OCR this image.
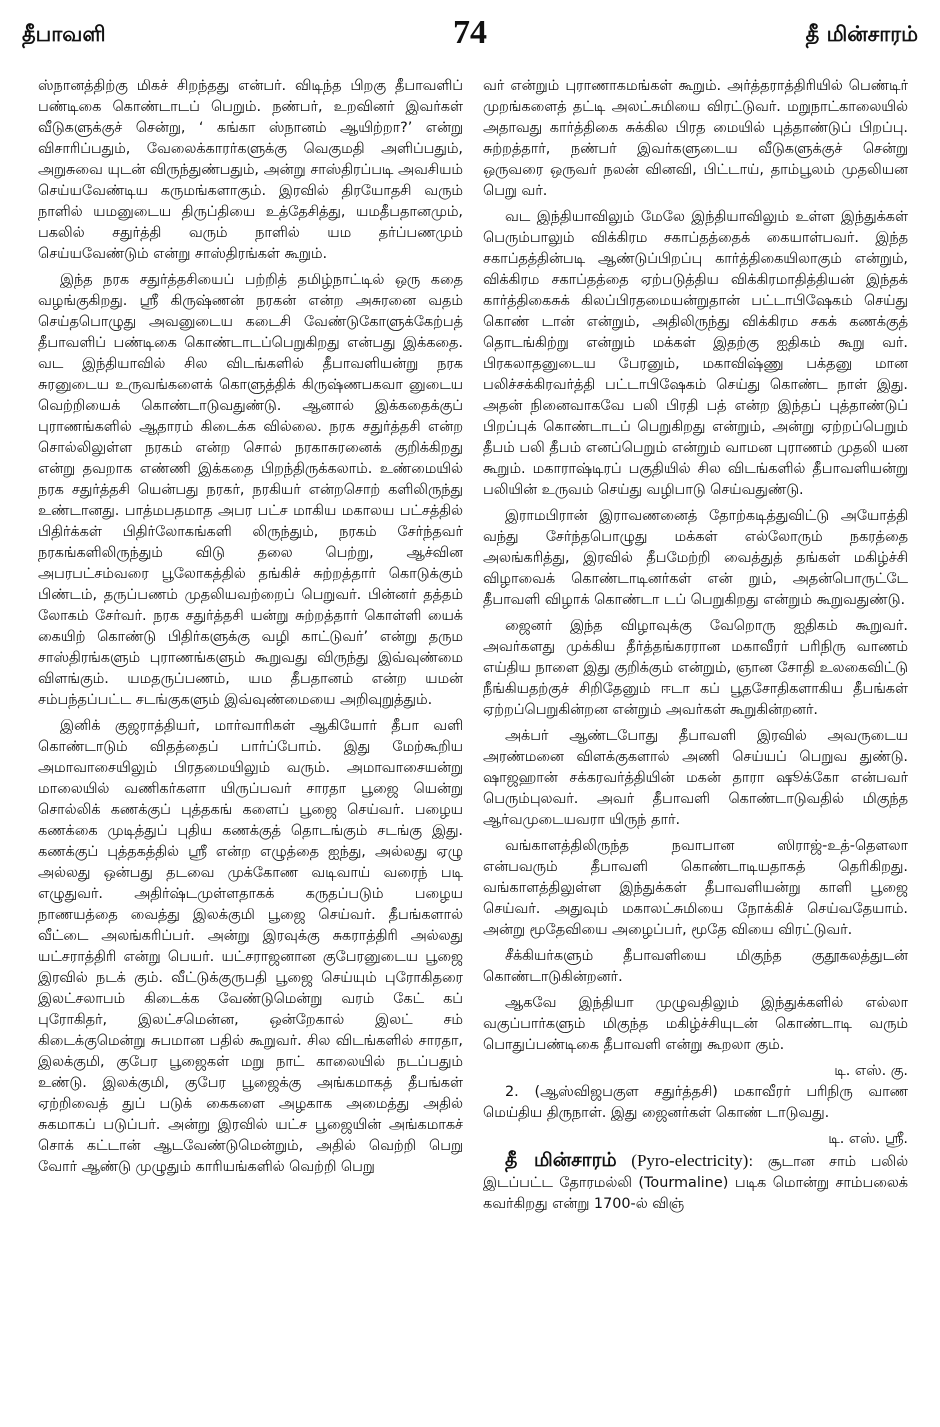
தீபாவளி	74	தீ மின்சாரம்

ஸ்நானத்திற்கு மிகச் சிறந்தது என்பர். விடிந்த பிறகு தீபாவளிப் பண்டிகை கொண்டாடப் பெறும். நண்பர், உறவினர் இவர்கள் வீடுகளுக்குச் சென்று, ‘ கங்கா ஸ்நானம் ஆயிற்றா?’ என்று விசாரிப்பதும், வேலைக்காரர்களுக்கு வெகுமதி அளிப்பதும், அறுசுவை யுடன் விருந்துண்பதும், அன்று சாஸ்திரப்படி அவசியம் செய்யவேண்டிய கருமங்களாகும். இரவில் திரயோதசி வரும் நாளில் யமனுடைய திருப்தியை உத்தேசித்து, யமதீபதானமும், பகலில் சதுர்த்தி வரும் நாளில் யம தர்ப்பணமும் செய்யவேண்டும் என்று சாஸ்திரங்கள் கூறும்.

இந்த நரக சதுர்த்தசியைப் பற்றித் தமிழ்நாட்டில் ஒரு கதை வழங்குகிறது. ஸ்ரீ கிருஷ்ணன் நரகன் என்ற அசுரனை வதம் செய்தபொழுது அவனுடைய கடைசி வேண்டுகோளுக்கேற்பத் தீபாவளிப் பண்டிகை கொண்டாடப்பெறுகிறது என்பது இக்கதை. வட இந்தியாவில் சில விடங்களில் தீபாவளியன்று நரக சுரனுடைய உருவங்களைக் கொளுத்திக் கிருஷ்ணபகவா னுடைய வெற்றியைக் கொண்டாடுவதுண்டு. ஆனால் இக்கதைக்குப் புராணங்களில் ஆதாரம் கிடைக்க வில்லை. நரக சதுர்த்தசி என்ற சொல்லிலுள்ள நரகம் என்ற சொல் நரகாசுரனைக் குறிக்கிறது என்று தவறாக எண்ணி இக்கதை பிறந்திருக்கலாம். உண்மையில் நரக சதுர்த்தசி யென்பது நரகர், நரகியர் என்றசொற் களிலிருந்து உண்டானது. பாத்மபதமாத அபர பட்ச மாகிய மகாலய பட்சத்தில் பிதிர்க்கள் பிதிர்லோகங்களி லிருந்தும், நரகம் சேர்ந்தவர் நரகங்களிலிருந்தும் விடு தலை பெற்று, ஆச்வின அபரபட்சம்வரை பூலோகத்தில் தங்கிச் சுற்றத்தார் கொடுக்கும் பிண்டம், தருப்பணம் முதலியவற்றைப் பெறுவர். பின்னர் தத்தம் லோகம் சேர்வர். நரக சதுர்த்தசி யன்று சுற்றத்தார் கொள்ளி யைக் கையிற் கொண்டு பிதிர்களுக்கு வழி காட்டுவர்’ என்று தரும சாஸ்திரங்களும் புராணங்களும் கூறுவது விருந்து இவ்வுண்மை விளங்கும். யமதருப்பணம், யம தீபதானம் என்ற யமன் சம்பந்தப்பட்ட சடங்குகளும் இவ்வுண்மையை அறிவுறுத்தும்.

இனிக் குஜராத்தியர், மார்வாரிகள் ஆகியோர் தீபா வளி கொண்டாடும் விதத்தைப் பார்ப்போம். இது மேற்கூறிய அமாவாசையிலும் பிரதமையிலும் வரும். அமாவாசையன்று மாலையில் வணிகர்களா யிருப்பவர் சாரதா பூஜை யென்று சொல்லிக் கணக்குப் புத்தகங் களைப் பூஜை செய்வர். பழைய கணக்கை முடித்துப் புதிய கணக்குத் தொடங்கும் சடங்கு இது. கணக்குப் புத்தகத்தில் ஸ்ரீ என்ற எழுத்தை ஐந்து, அல்லது ஏழு அல்லது ஒன்பது தடவை முக்கோண வடிவாய் வரைந் படி எழுதுவர். அதிர்ஷ்டமுள்ளதாகக் கருதப்படும் பழைய நாணயத்தை வைத்து இலக்குமி பூஜை செய்வர். தீபங்களால் வீட்டை அலங்கரிப்பர். அன்று இரவுக்கு சுகராத்திரி அல்லது யட்சராத்திரி என்று பெயர். யட்சராஜனான குபேரனுடைய பூஜை இரவில் நடக் கும். வீட்டுக்குருபதி பூஜை செய்யும் புரோகிதரை இலட்சலாபம் கிடைக்க வேண்டுமென்று வரம் கேட் கப் புரோகிதர், இலட்சமென்ன, ஒன்றேகால் இலட் சம் கிடைக்குமென்று சுபமான பதில் கூறுவர். சில விடங்களில் சாரதா, இலக்குமி, குபேர பூஜைகள் மறு நாட் காலையில் நடப்பதும் உண்டு. இலக்குமி, குபேர பூஜைக்கு அங்கமாகத் தீபங்கள் ஏற்றிவைத் துப் படுக் கைகளை அழகாக அமைத்து அதில் சுகமாகப் படுப்பர். அன்று இரவில் யட்ச பூஜையின் அங்கமாகச் சொக் கட்டான் ஆடவேண்டுமென்றும், அதில் வெற்றி பெறு வோர் ஆண்டு முழுதும் காரியங்களில் வெற்றி பெறு

வர் என்றும் புராணாகமங்கள் கூறும். அர்த்தராத்திரியில் பெண்டிர் முறங்களைத் தட்டி அலட்சுமியை விரட்டுவர். மறுநாட்காலையில் அதாவது கார்த்திகை சுக்கில பிரத மையில் புத்தாண்டுப் பிறப்பு. சுற்றத்தார், நண்பர் இவர்களுடைய வீடுகளுக்குச் சென்று ஒருவரை ஒருவர் நலன் வினவி, பிட்டாய், தாம்பூலம் முதலியன பெறு வர்.

வட இந்தியாவிலும் மேலே இந்தியாவிலும் உள்ள இந்துக்கள் பெரும்பாலும் விக்கிரம சகாப்தத்தைக் கையாள்பவர். இந்த சகாப்தத்தின்படி ஆண்டுப்பிறப்பு கார்த்திகையிலாகும் என்றும், விக்கிரம சகாப்தத்தை ஏற்படுத்திய விக்கிரமாதித்தியன் இந்தக் கார்த்திகைசுக் கிலப்பிரதமையன்றுதான் பட்டாபிஷேகம் செய்து கொண் டான் என்றும், அதிலிருந்து விக்கிரம சகக் கணக்குத் தொடங்கிற்று என்றும் மக்கள் இதற்கு ஐதிகம் கூறு வர். பிரகலாதனுடைய பேரனும், மகாவிஷ்ணு பக்தனு மான பலிச்சக்கிரவர்த்தி பட்டாபிஷேகம் செய்து கொண்ட நாள் இது. அதன் நினைவாகவே பலி பிரதி பத் என்ற இந்தப் புத்தாண்டுப் பிறப்புக் கொண்டாடப் பெறுகிறது என்றும், அன்று ஏற்றப்பெறும் தீபம் பலி தீபம் எனப்பெறும் என்றும் வாமன புராணம் முதலி யன கூறும். மகாராஷ்டிரப் பகுதியில் சில விடங்களில் தீபாவளியன்று பலியின் உருவம் செய்து வழிபாடு செய்வதுண்டு.

இராமபிரான் இராவணனைத் தோற்கடித்துவிட்டு அயோத்தி வந்து சேர்ந்தபொழுது மக்கள் எல்லோரும் நகரத்தை அலங்கரித்து, இரவில் தீபமேற்றி வைத்துத் தங்கள் மகிழ்ச்சி விழாவைக் கொண்டாடினர்கள் என் றும், அதன்பொருட்டே தீபாவளி விழாக் கொண்டா டப் பெறுகிறது என்றும் கூறுவதுண்டு.

ஜைனர் இந்த விழாவுக்கு வேறொரு ஐதிகம் கூறுவர். அவர்களது முக்கிய தீர்த்தங்கரரான மகாவீரர் பரிநிரு வாணம் எய்திய நாளை இது குறிக்கும் என்றும், ஞான சோதி உலகைவிட்டு நீங்கியதற்குச் சிறிதேனும் ஈடா கப் பூதசோதிகளாகிய தீபங்கள் ஏற்றப்பெறுகின்றன என்றும் அவர்கள் கூறுகின்றனர்.

அக்பர் ஆண்டபோது தீபாவளி இரவில் அவருடைய அரண்மனை விளக்குகளால் அணி செய்யப் பெறுவ துண்டு. ஷாஜஹான் சக்கரவர்த்தியின் மகன் தாரா ஷூக்கோ என்பவர் பெரும்புலவர். அவர் தீபாவளி கொண்டாடுவதில் மிகுந்த ஆர்வமுடையவரா யிருந் தார்.

வங்காளத்திலிருந்த நவாபான ஸிராஜ்-உத்-தெளலா என்பவரும் தீபாவளி கொண்டாடியதாகத் தெரிகிறது. வங்காளத்திலுள்ள இந்துக்கள் தீபாவளியன்று காளி பூஜை செய்வர். அதுவும் மகாலட்சுமியை நோக்கிச் செய்வதேயாம். அன்று மூதேவியை அழைப்பர், மூதே வியை விரட்டுவர்.

சீக்கியர்களும் தீபாவளியை மிகுந்த குதூகலத்துடன் கொண்டாடுகின்றனர்.

ஆகவே இந்தியா முழுவதிலும் இந்துக்களில் எல்லா வகுப்பார்களும் மிகுந்த மகிழ்ச்சியுடன் கொண்டாடி வரும் பொதுப்பண்டிகை தீபாவளி என்று கூறலா கும்.

டி. எஸ். கு.

2. (ஆஸ்விஜபகுள சதுர்த்தசி) மகாவீரர் பரிநிரு வாண மெய்திய திருநாள். இது ஜைனர்கள் கொண் டாடுவது.

டி. எஸ். ஸ்ரீ.

தீ மின்சாரம் (Pyro-electricity): சூடான சாம் பலில் இடப்பட்ட தோரமல்லி (Tourmaline) படிக மொன்று சாம்பலைக் கவர்கிறது என்று 1700-ல் விஞ்
